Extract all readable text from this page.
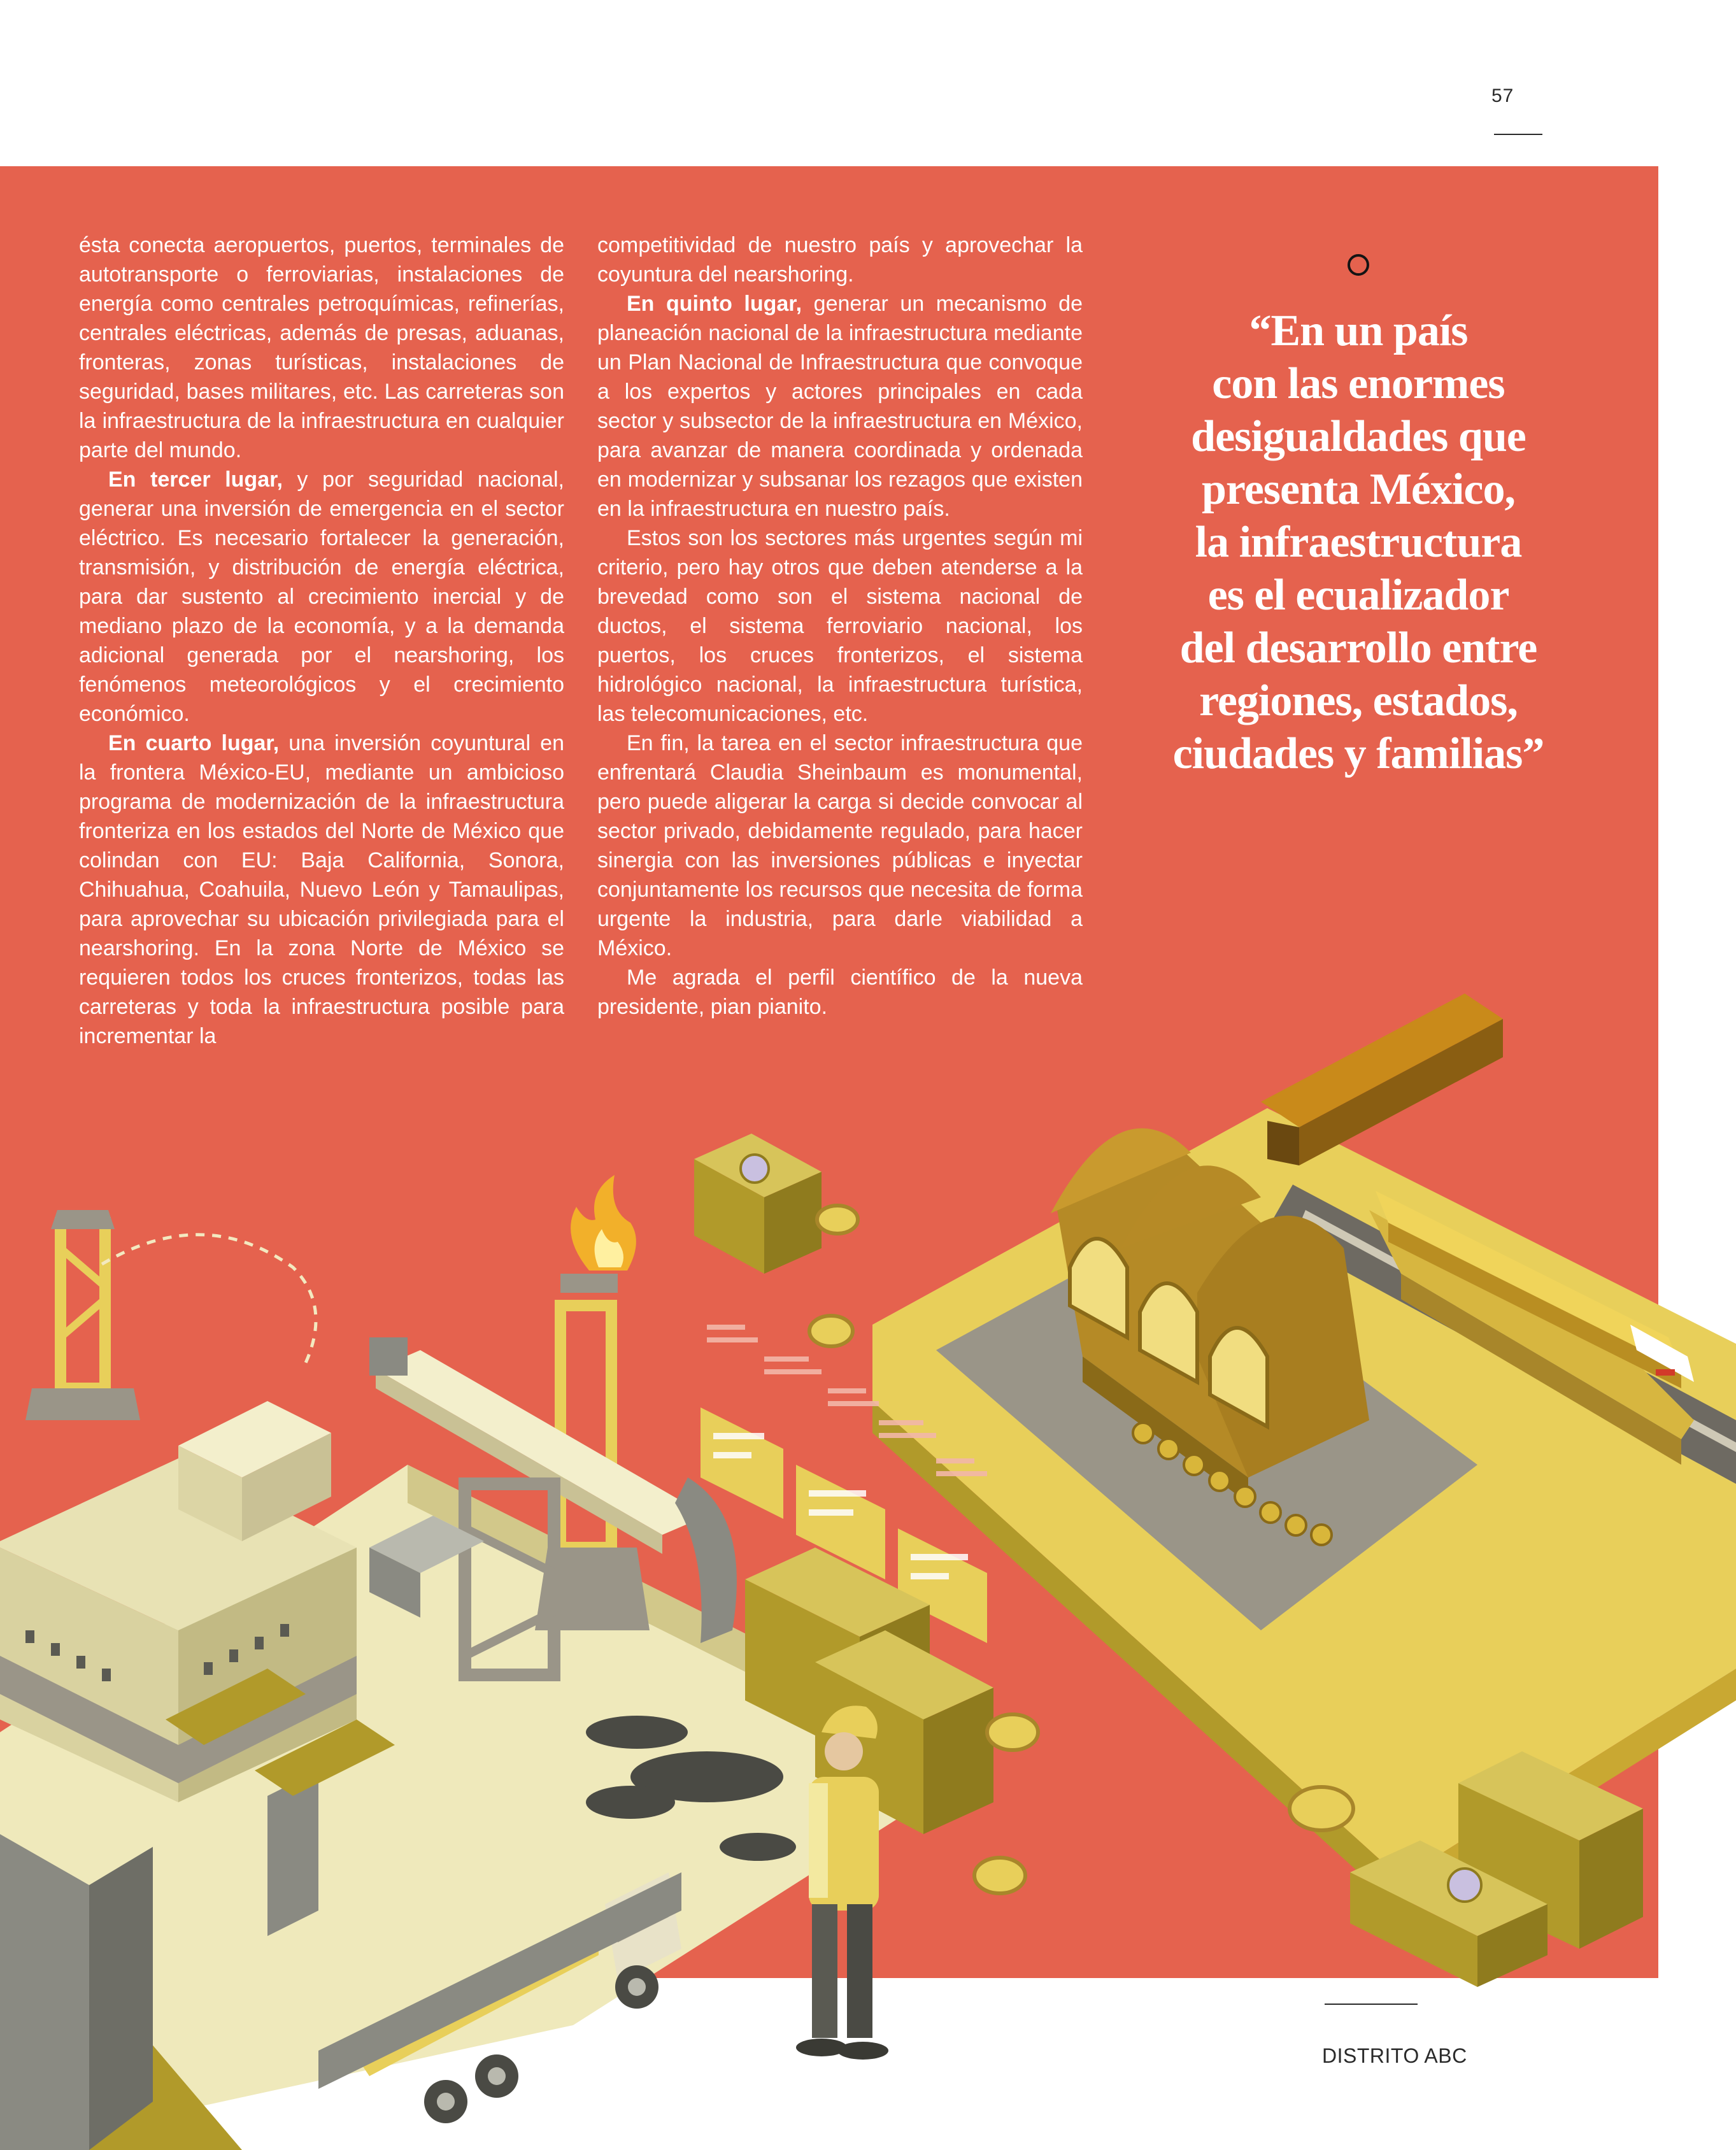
57

ésta conecta aeropuertos, puertos, terminales de autotransporte o ferroviarias, instalaciones de energía como centrales petroquímicas, refinerías, centrales eléctricas, además de presas, aduanas, fronteras, zonas turísticas, instalaciones de seguridad, bases militares, etc. Las carreteras son la infraestructura de la infraestructura en cualquier parte del mundo.

En tercer lugar, y por seguridad nacional, generar una inversión de emergencia en el sector eléctrico. Es necesario fortalecer la generación, transmisión, y distribución de energía eléctrica, para dar sustento al crecimiento inercial y de mediano plazo de la economía, y a la demanda adicional generada por el nearshoring, los fenómenos meteorológicos y el crecimiento económico.

En cuarto lugar, una inversión coyuntural en la frontera México-EU, mediante un ambicioso programa de modernización de la infraestructura fronteriza en los estados del Norte de México que colindan con EU: Baja California, Sonora, Chihuahua, Coahuila, Nuevo León y Tamaulipas, para aprovechar su ubicación privilegiada para el nearshoring. En la zona Norte de México se requieren todos los cruces fronterizos, todas las carreteras y toda la infraestructura posible para incrementar la

competitividad de nuestro país y aprovechar la coyuntura del nearshoring.

En quinto lugar, generar un mecanismo de planeación nacional de la infraestructura mediante un Plan Nacional de Infraestructura que convoque a los expertos y actores principales en cada sector y subsector de la infraestructura en México, para avanzar de manera coordinada y ordenada en modernizar y subsanar los rezagos que existen en la infraestructura en nuestro país.

Estos son los sectores más urgentes según mi criterio, pero hay otros que deben atenderse a la brevedad como son el sistema nacional de ductos, el sistema ferroviario nacional, los puertos, los cruces fronterizos, el sistema hidrológico nacional, la infraestructura turística, las telecomunicaciones, etc.

En fin, la tarea en el sector infraestructura que enfrentará Claudia Sheinbaum es monumental, pero puede aligerar la carga si decide convocar al sector privado, debidamente regulado, para hacer sinergia con las inversiones públicas e inyectar conjuntamente los recursos que necesita de forma urgente la industria, para darle viabilidad a México.

Me agrada el perfil científico de la nueva presidente, pian pianito.

“En un país
con las enormes
desigualdades que
presenta México,
la infraestructura
es el ecualizador
del desarrollo entre
regiones, estados,
ciudades y familias”
DISTRITO ABC
